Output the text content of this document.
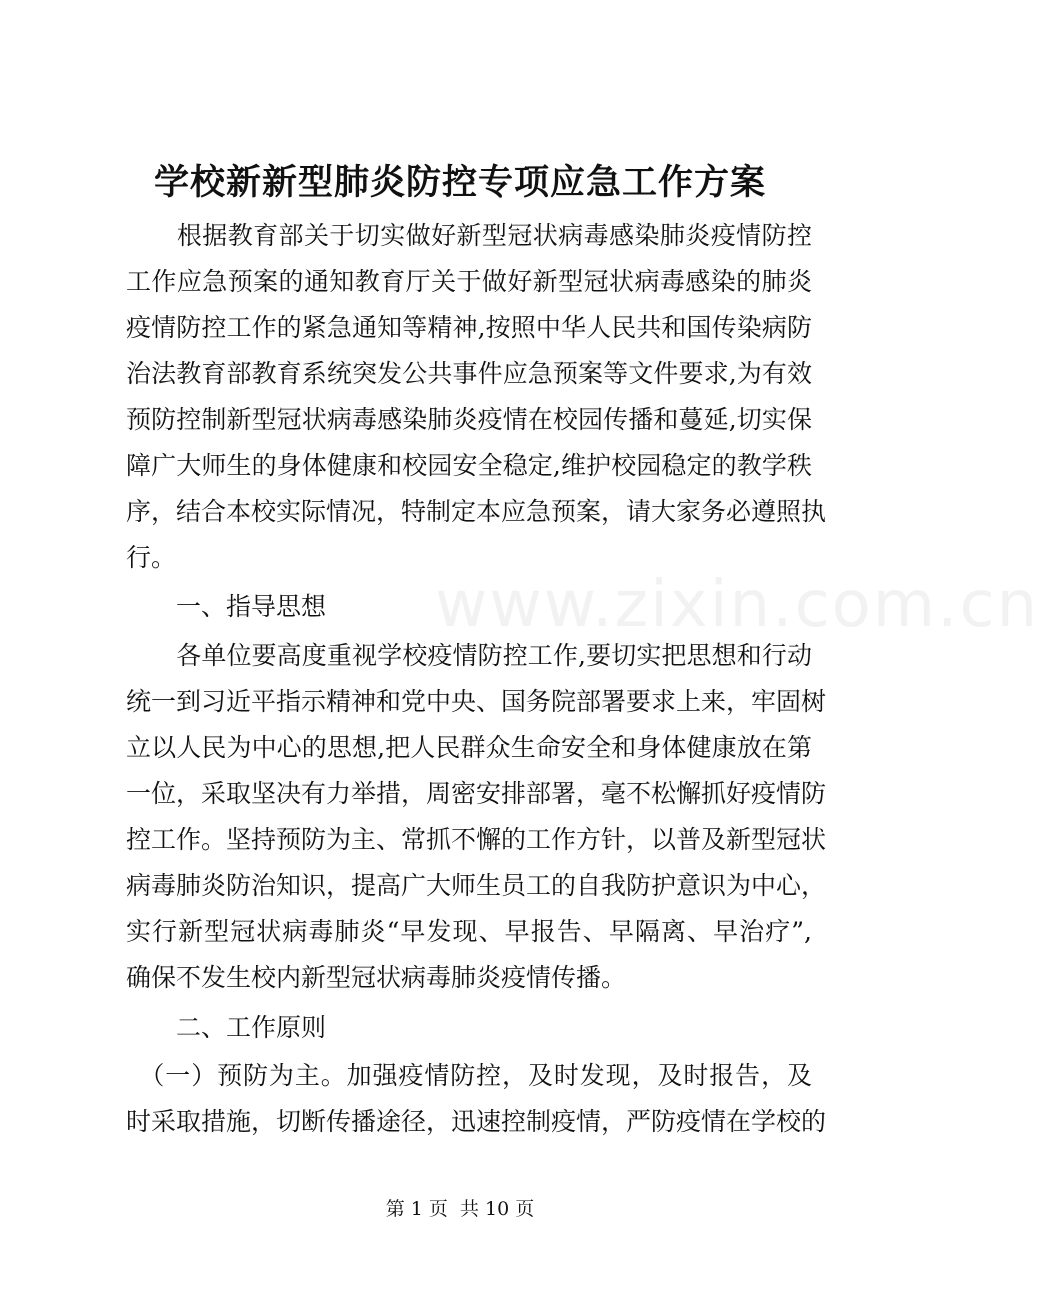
www.zixin.com.cn
学校新新型肺炎防控专项应急工作方案
　　根据教育部关于切实做好新型冠状病毒感染肺炎疫情防控
工作应急预案的通知教育厅关于做好新型冠状病毒感染的肺炎
疫情防控工作的紧急通知等精神,按照中华人民共和国传染病防
治法教育部教育系统突发公共事件应急预案等文件要求,为有效
预防控制新型冠状病毒感染肺炎疫情在校园传播和蔓延,切实保
障广大师生的身体健康和校园安全稳定,维护校园稳定的教学秩
序，结合本校实际情况，特制定本应急预案，请大家务必遵照执
行。
　　一、指导思想
　　各单位要高度重视学校疫情防控工作,要切实把思想和行动
统一到习近平指示精神和党中央、国务院部署要求上来，牢固树
立以人民为中心的思想,把人民群众生命安全和身体健康放在第
一位，采取坚决有力举措，周密安排部署，毫不松懈抓好疫情防
控工作。坚持预防为主、常抓不懈的工作方针，以普及新型冠状
病毒肺炎防治知识，提高广大师生员工的自我防护意识为中心，
实行新型冠状病毒肺炎“早发现、早报告、早隔离、早治疗”,
确保不发生校内新型冠状病毒肺炎疫情传播。
　　二、工作原则
　（一）预防为主。加强疫情防控，及时发现，及时报告，及
时采取措施，切断传播途径，迅速控制疫情，严防疫情在学校的
第 1 页  共 10 页
